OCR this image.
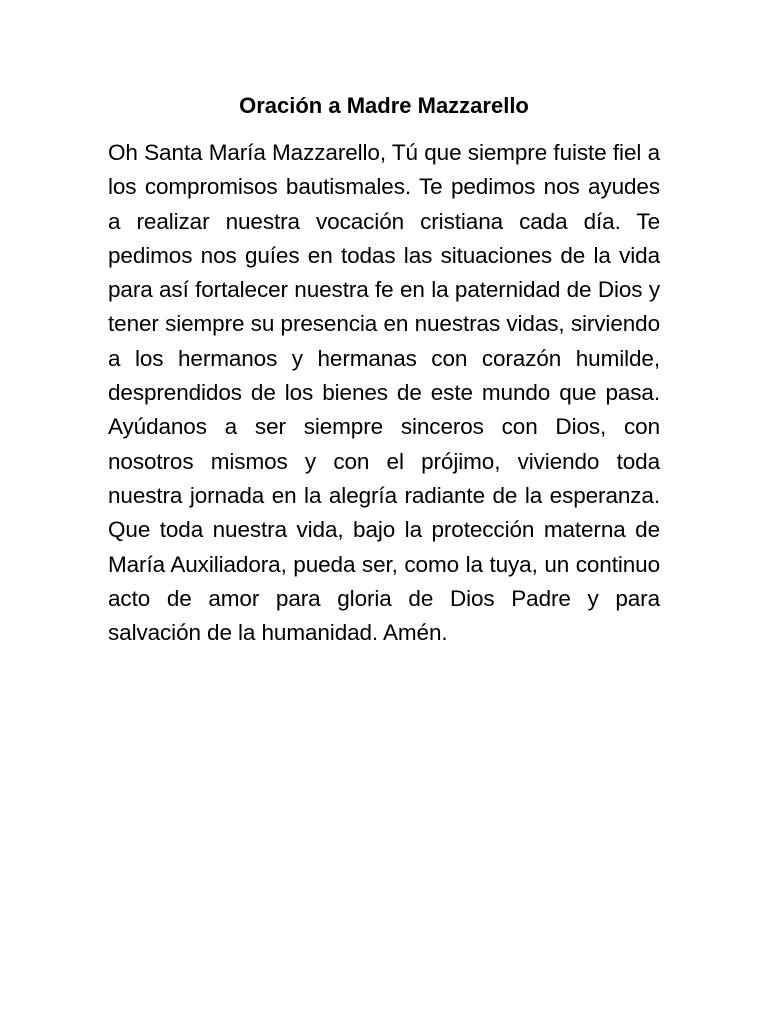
Oración a Madre Mazzarello

Oh Santa María Mazzarello, Tú que siempre fuiste fiel a los compromisos bautismales. Te pedimos nos ayudes a realizar nuestra vocación cristiana cada día. Te pedimos nos guíes en todas las situaciones de la vida para así fortalecer nuestra fe en la paternidad de Dios y tener siempre su presencia en nuestras vidas, sirviendo a los hermanos y hermanas con corazón humilde, desprendidos de los bienes de este mundo que pasa. Ayúdanos a ser siempre sinceros con Dios, con nosotros mismos y con el prójimo, viviendo toda nuestra jornada en la alegría radiante de la esperanza. Que toda nuestra vida, bajo la protección materna de María Auxiliadora, pueda ser, como la tuya, un continuo acto de amor para gloria de Dios Padre y para salvación de la humanidad. Amén.
